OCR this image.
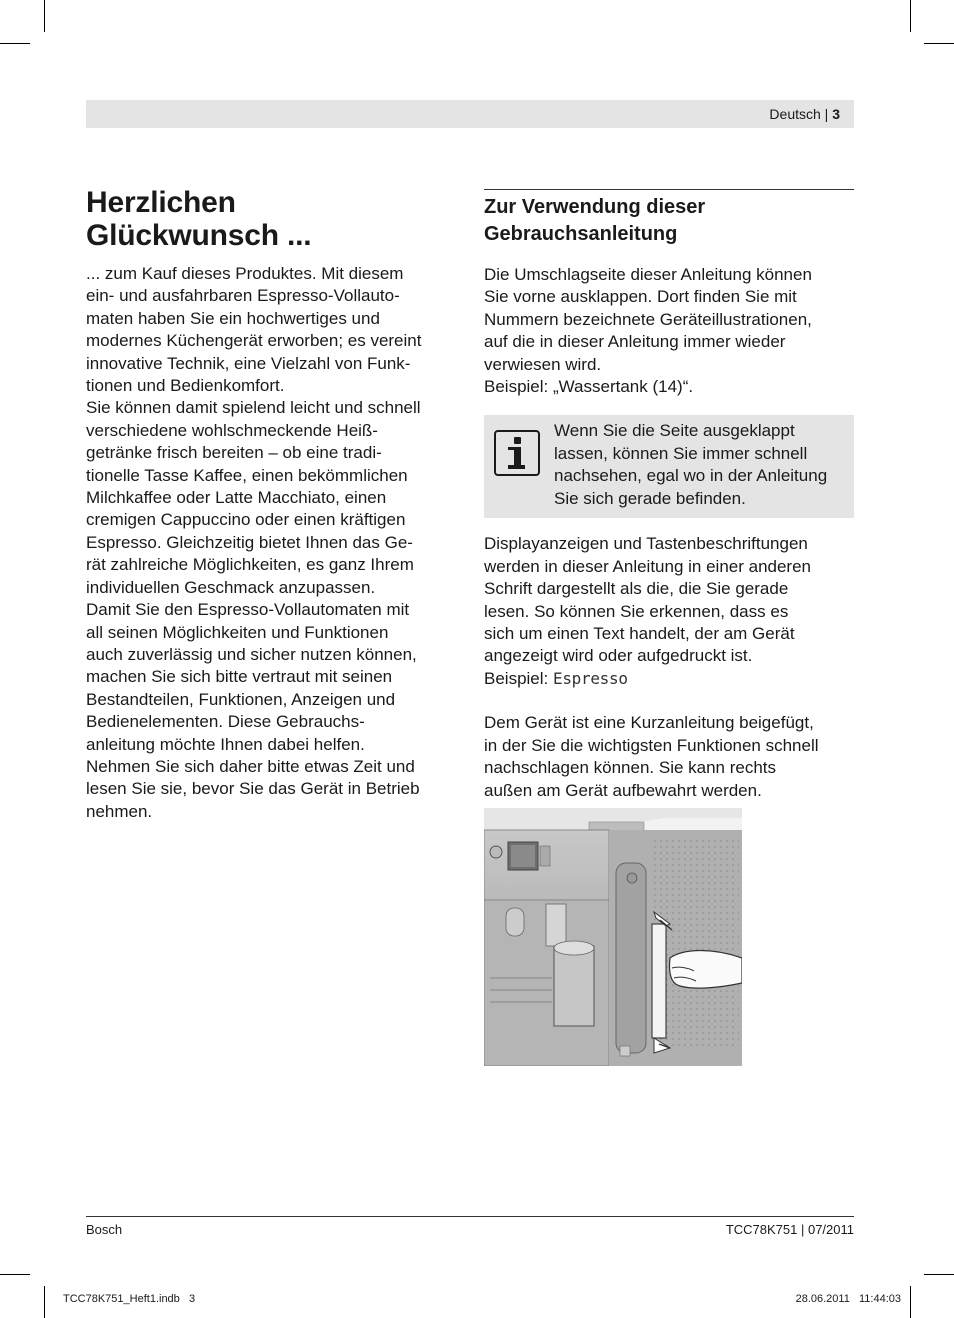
Deutsch | 3
Herzlichen
Glückwunsch ...
... zum Kauf dieses Produktes. Mit diesem
ein- und ausfahrbaren Espresso-Vollauto-
maten haben Sie ein hochwertiges und
modernes Küchengerät erworben; es vereint
innovative Technik, eine Vielzahl von Funk-
tionen und Bedienkomfort.
Sie können damit spielend leicht und schnell
verschiedene wohlschmeckende Heiß-
getränke frisch bereiten – ob eine tradi-
tionelle Tasse Kaffee, einen bekömmlichen
Milchkaffee oder Latte Macchiato, einen
cremigen Cappuccino oder einen kräftigen
Espresso. Gleichzeitig bietet Ihnen das Ge-
rät zahlreiche Möglichkeiten, es ganz Ihrem
individuellen Geschmack anzupassen.
Damit Sie den Espresso-Vollautomaten mit
all seinen Möglichkeiten und Funktionen
auch zuverlässig und sicher nutzen können,
machen Sie sich bitte vertraut mit seinen
Bestandteilen, Funktionen, Anzeigen und
Bedienelementen. Diese Gebrauchs-
anleitung möchte Ihnen dabei helfen.
Nehmen Sie sich daher bitte etwas Zeit und
lesen Sie sie, bevor Sie das Gerät in Betrieb
nehmen.
Zur Verwendung dieser
Gebrauchsanleitung
Die Umschlagseite dieser Anleitung können
Sie vorne ausklappen. Dort finden Sie mit
Nummern bezeichnete Geräteillustrationen,
auf die in dieser Anleitung immer wieder
verwiesen wird.
Beispiel: „Wassertank (14)“.
Wenn Sie die Seite ausgeklappt
lassen, können Sie immer schnell
nachsehen, egal wo in der Anleitung
Sie sich gerade befinden.
Displayanzeigen und Tastenbeschriftungen
werden in dieser Anleitung in einer anderen
Schrift dargestellt als die, die Sie gerade
lesen. So können Sie erkennen, dass es
sich um einen Text handelt, der am Gerät
angezeigt wird oder aufgedruckt ist.
Beispiel: Espresso
Dem Gerät ist eine Kurzanleitung beigefügt,
in der Sie die wichtigsten Funktionen schnell
nachschlagen können. Sie kann rechts
außen am Gerät aufbewahrt werden.
Bosch	TCC78K751 | 07/2011
TCC78K751_Heft1.indb   3	28.06.2011   11:44:03
